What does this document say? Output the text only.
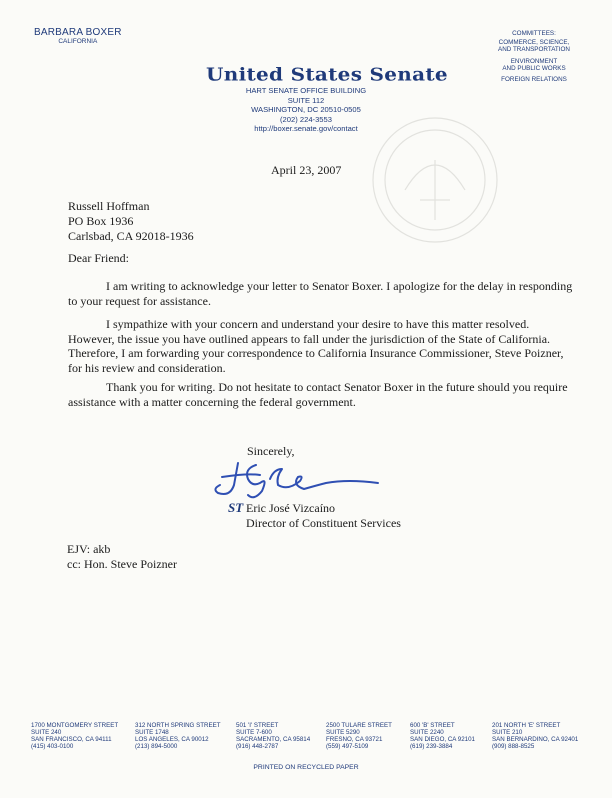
BARBARA BOXER
CALIFORNIA
COMMITTEES:
COMMERCE, SCIENCE,
AND TRANSPORTATION
ENVIRONMENT
AND PUBLIC WORKS
FOREIGN RELATIONS
United States Senate
HART SENATE OFFICE BUILDING
SUITE 112
WASHINGTON, DC 20510-0505
(202) 224-3553
http://boxer.senate.gov/contact
April 23, 2007
Russell Hoffman
PO Box 1936
Carlsbad, CA 92018-1936
Dear Friend:
I am writing to acknowledge your letter to Senator Boxer. I apologize for the delay in responding
to your request for assistance.
I sympathize with your concern and understand your desire to have this matter resolved.
However, the issue you have outlined appears to fall under the jurisdiction of the State of California.
Therefore, I am forwarding your correspondence to California Insurance Commissioner, Steve Poizner,
for his review and consideration.
Thank you for writing. Do not hesitate to contact Senator Boxer in the future should you require
assistance with a matter concerning the federal government.
Sincerely,
ST Eric José Vizcaíno
Director of Constituent Services
EJV: akb
cc: Hon. Steve Poizner
1700 MONTGOMERY STREET
SUITE 240
SAN FRANCISCO, CA 94111
(415) 403-0100
312 NORTH SPRING STREET
SUITE 1748
LOS ANGELES, CA 90012
(213) 894-5000
501 'I' STREET
SUITE 7-600
SACRAMENTO, CA 95814
(916) 448-2787
2500 TULARE STREET
SUITE 5290
FRESNO, CA 93721
(559) 497-5109
600 'B' STREET
SUITE 2240
SAN DIEGO, CA 92101
(619) 239-3884
201 NORTH 'E' STREET
SUITE 210
SAN BERNARDINO, CA 92401
(909) 888-8525
PRINTED ON RECYCLED PAPER
